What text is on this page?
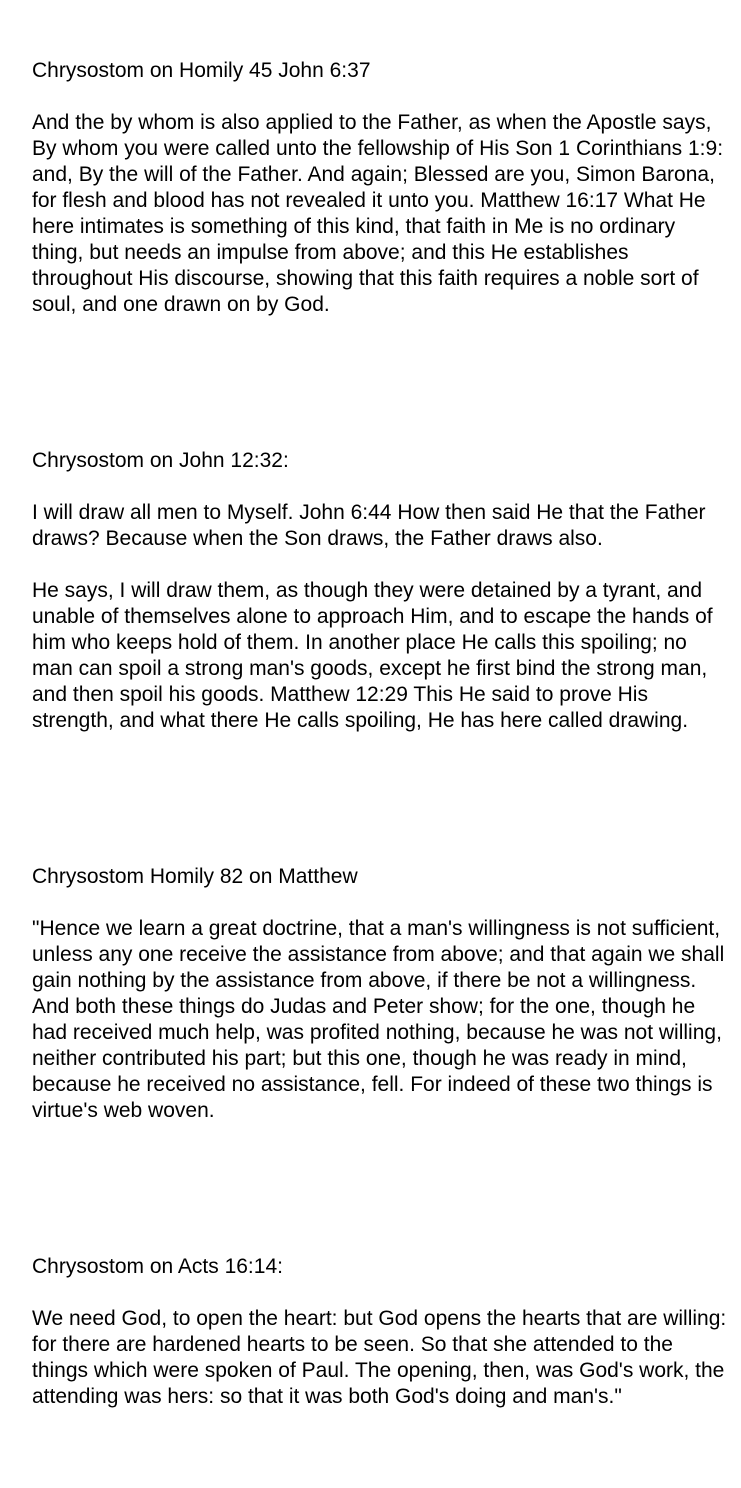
Chrysostom on Homily 45 John 6:37

And the by whom is also applied to the Father, as when the Apostle says, By whom you were called unto the fellowship of His Son 1 Corinthians 1:9: and, By the will of the Father. And again; Blessed are you, Simon Barona, for flesh and blood has not revealed it unto you. Matthew 16:17 What He here intimates is something of this kind, that faith in Me is no ordinary thing, but needs an impulse from above; and this He establishes throughout His discourse, showing that this faith requires a noble sort of soul, and one drawn on by God.

Chrysostom on John 12:32:

I will draw all men to Myself. John 6:44 How then said He that the Father draws? Because when the Son draws, the Father draws also.

He says, I will draw them, as though they were detained by a tyrant, and unable of themselves alone to approach Him, and to escape the hands of him who keeps hold of them. In another place He calls this spoiling; no man can spoil a strong man's goods, except he first bind the strong man, and then spoil his goods. Matthew 12:29 This He said to prove His strength, and what there He calls spoiling, He has here called drawing.

Chrysostom Homily 82 on Matthew

"Hence we learn a great doctrine, that a man's willingness is not sufficient, unless any one receive the assistance from above; and that again we shall gain nothing by the assistance from above, if there be not a willingness. And both these things do Judas and Peter show; for the one, though he had received much help, was profited nothing, because he was not willing, neither contributed his part; but this one, though he was ready in mind, because he received no assistance, fell. For indeed of these two things is virtue's web woven.

Chrysostom on Acts 16:14:

We need God, to open the heart: but God opens the hearts that are willing: for there are hardened hearts to be seen. So that she attended to the things which were spoken of Paul. The opening, then, was God's work, the attending was hers: so that it was both God's doing and man's."
